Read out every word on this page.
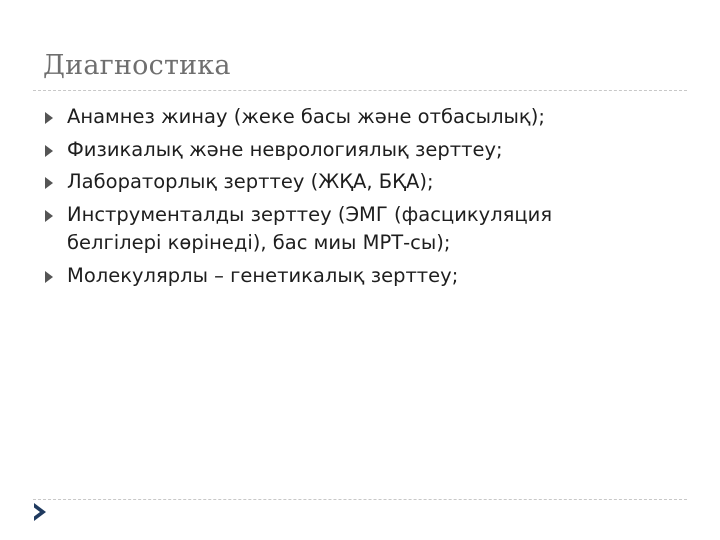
Диагностика
Анамнез жинау (жеке басы және отбасылық);
Физикалық және неврологиялық зерттеу;
Лабораторлық зерттеу (ЖҚА, БҚА);
Инструменталды зерттеу (ЭМГ (фасцикуляция белгілері көрінеді), бас миы МРТ-сы);
Молекулярлы – генетикалық зерттеу;
